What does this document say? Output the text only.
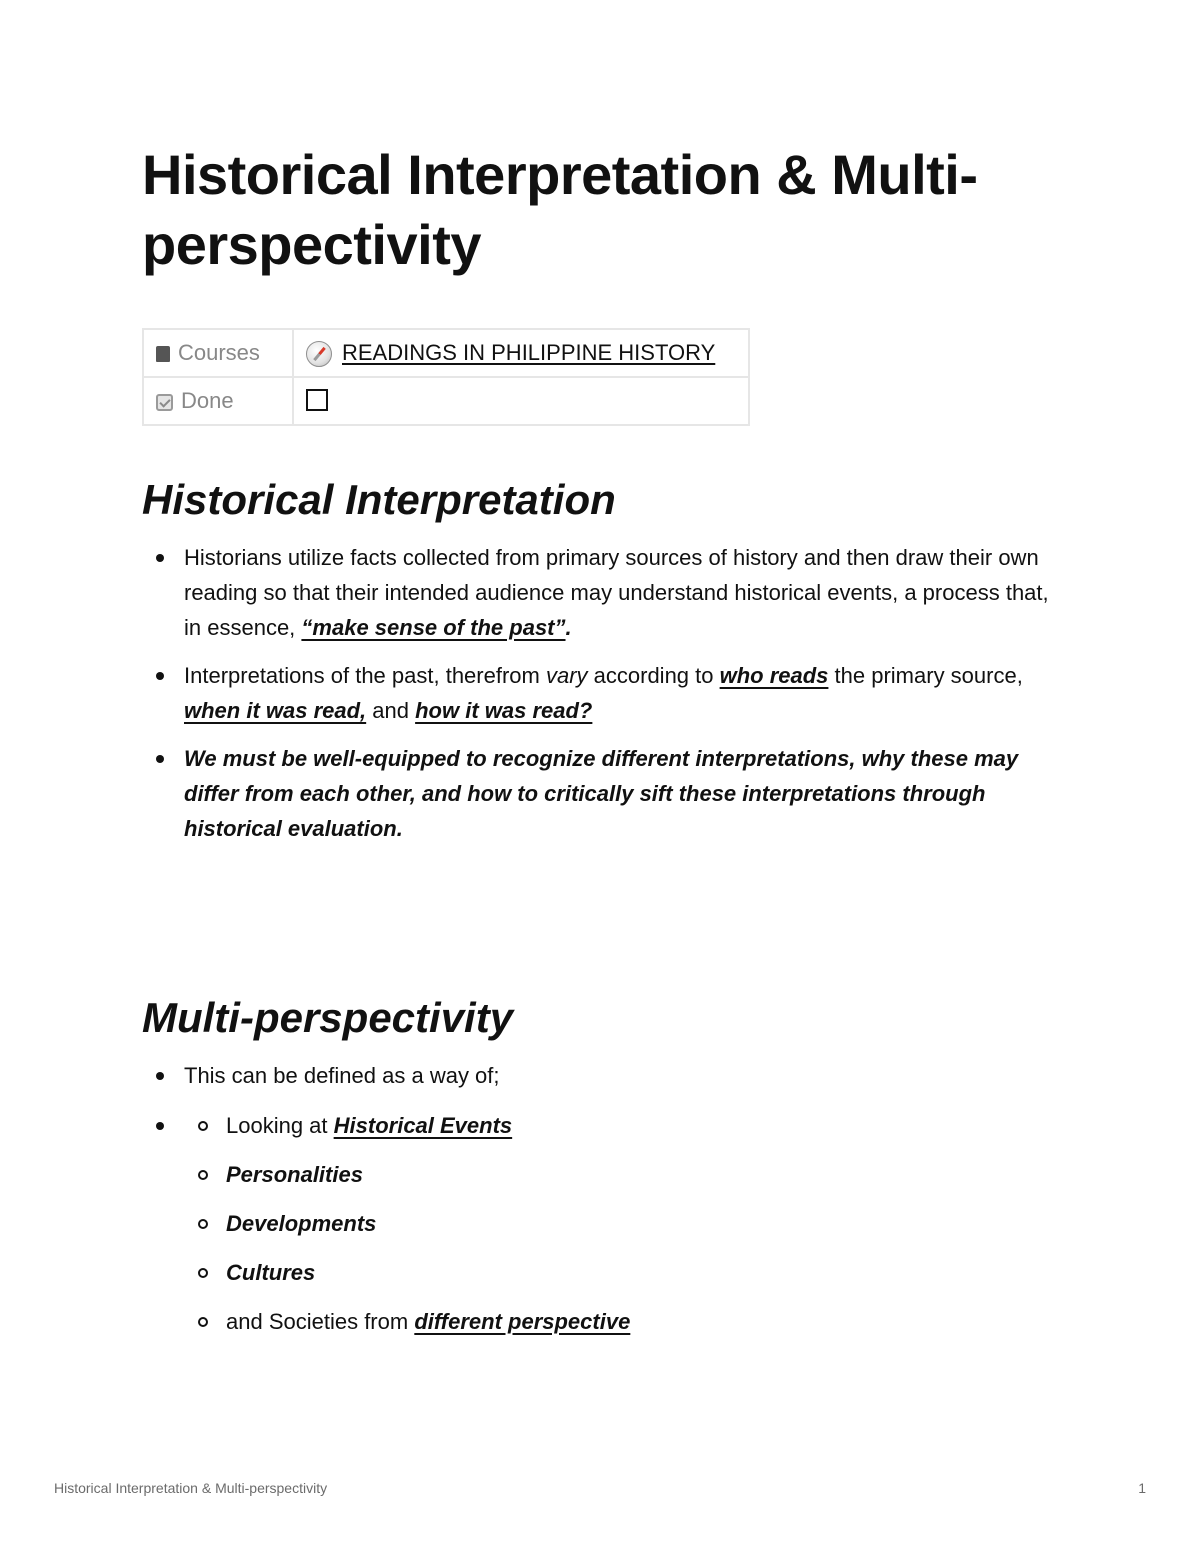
Historical Interpretation & Multi-perspectivity
Courses	READINGS IN PHILIPPINE HISTORY
Done	
Historical Interpretation
Historians utilize facts collected from primary sources of history and then draw their own reading so that their intended audience may understand historical events, a process that, in essence, “make sense of the past”.
Interpretations of the past, therefrom vary according to who reads the primary source, when it was read, and how it was read?
We must be well-equipped to recognize different interpretations, why these may differ from each other, and how to critically sift these interpretations through historical evaluation.
Multi-perspectivity
This can be defined as a way of;
Looking at Historical Events
Personalities
Developments
Cultures
and Societies from different perspective
Historical Interpretation & Multi-perspectivity	1
